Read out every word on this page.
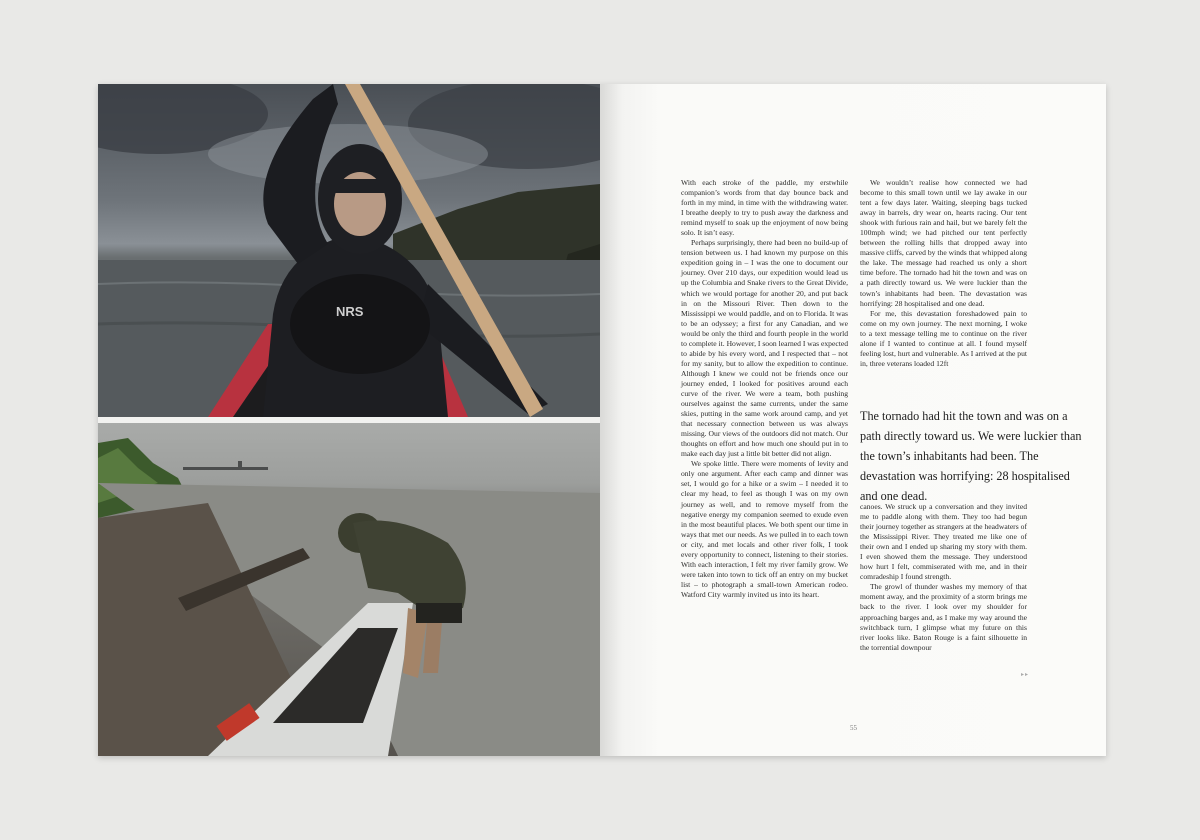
NRS

With each stroke of the paddle, my erstwhile companion’s words from that day bounce back and forth in my mind, in time with the withdrawing water. I breathe deeply to try to push away the darkness and remind myself to soak up the enjoyment of now being solo. It isn’t easy.

Perhaps surprisingly, there had been no build-up of tension between us. I had known my purpose on this expedition going in – I was the one to document our journey. Over 210 days, our expedition would lead us up the Columbia and Snake rivers to the Great Divide, which we would portage for another 20, and put back in on the Missouri River. Then down to the Mississippi we would paddle, and on to Florida. It was to be an odyssey; a first for any Canadian, and we would be only the third and fourth people in the world to complete it. However, I soon learned I was expected to abide by his every word, and I respected that – not for my sanity, but to allow the expedition to continue. Although I knew we could not be friends once our journey ended, I looked for positives around each curve of the river. We were a team, both pushing ourselves against the same currents, under the same skies, putting in the same work around camp, and yet that necessary connection between us was always missing. Our views of the outdoors did not match. Our thoughts on effort and how much one should put in to make each day just a little bit better did not align.

We spoke little. There were moments of levity and only one argument. After each camp and dinner was set, I would go for a hike or a swim – I needed it to clear my head, to feel as though I was on my own journey as well, and to remove myself from the negative energy my companion seemed to exude even in the most beautiful places. We both spent our time in ways that met our needs. As we pulled in to each town or city, and met locals and other river folk, I took every opportunity to connect, listening to their stories. With each interaction, I felt my river family grow. We were taken into town to tick off an entry on my bucket list – to photograph a small-town American rodeo. Watford City warmly invited us into its heart.

We wouldn’t realise how connected we had become to this small town until we lay awake in our tent a few days later. Waiting, sleeping bags tucked away in barrels, dry wear on, hearts racing. Our tent shook with furious rain and hail, but we barely felt the 100mph wind; we had pitched our tent perfectly between the rolling hills that dropped away into massive cliffs, carved by the winds that whipped along the lake. The message had reached us only a short time before. The tornado had hit the town and was on a path directly toward us. We were luckier than the town’s inhabitants had been. The devastation was horrifying: 28 hospitalised and one dead.

For me, this devastation foreshadowed pain to come on my own journey. The next morning, I woke to a text message telling me to continue on the river alone if I wanted to continue at all. I found myself feeling lost, hurt and vulnerable. As I arrived at the put in, three veterans loaded 12ft

The tornado had hit the town and was on a path directly toward us. We were luckier than the town’s inhabitants had been. The devastation was horrifying: 28 hospitalised and one dead.

canoes. We struck up a conversation and they invited me to paddle along with them. They too had begun their journey together as strangers at the headwaters of the Mississippi River. They treated me like one of their own and I ended up sharing my story with them. I even showed them the message. They understood how hurt I felt, commiserated with me, and in their comradeship I found strength.

The growl of thunder washes my memory of that moment away, and the proximity of a storm brings me back to the river. I look over my shoulder for approaching barges and, as I make my way around the switchback turn, I glimpse what my future on this river looks like. Baton Rouge is a faint silhouette in the torrential downpour

▸▸
55
